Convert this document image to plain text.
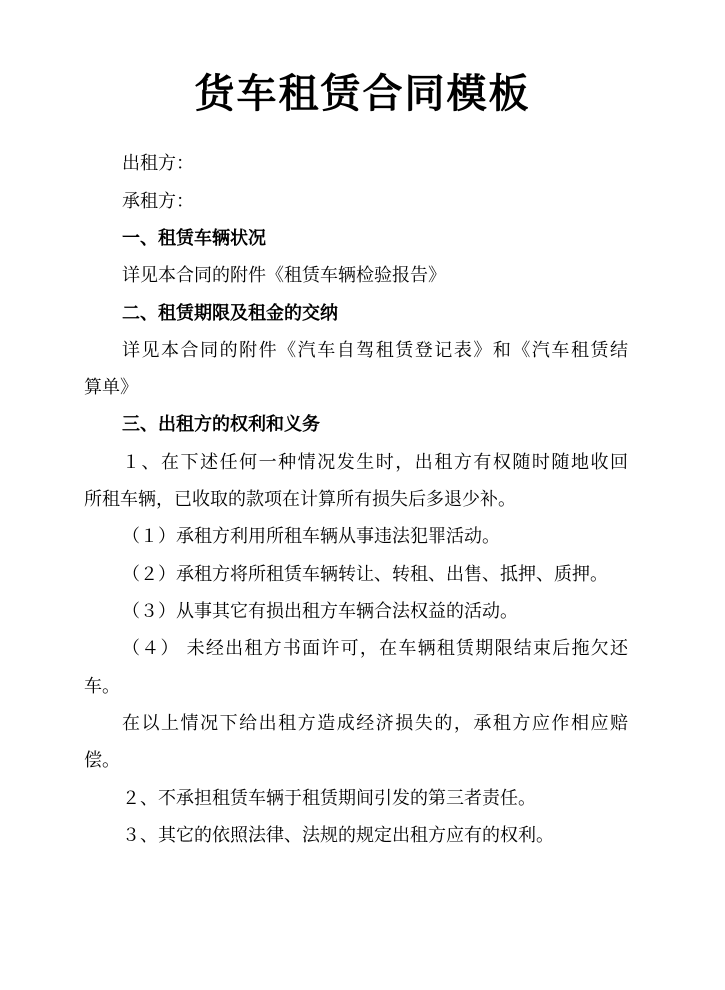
货车租赁合同模板
出租方：
承租方：
一、租赁车辆状况
详见本合同的附件《租赁车辆检验报告》
二、租赁期限及租金的交纳
详见本合同的附件《汽车自驾租赁登记表》和《汽车租赁结
算单》
三、出租方的权利和义务
１、在下述任何一种情况发生时，出租方有权随时随地收回
所租车辆，已收取的款项在计算所有损失后多退少补。
（１）承租方利用所租车辆从事违法犯罪活动。
（２）承租方将所租赁车辆转让、转租、出售、抵押、质押。
（３）从事其它有损出租方车辆合法权益的活动。
（４） 未经出租方书面许可，在车辆租赁期限结束后拖欠还
车。
在以上情况下给出租方造成经济损失的，承租方应作相应赔
偿。
２、不承担租赁车辆于租赁期间引发的第三者责任。
３、其它的依照法律、法规的规定出租方应有的权利。
